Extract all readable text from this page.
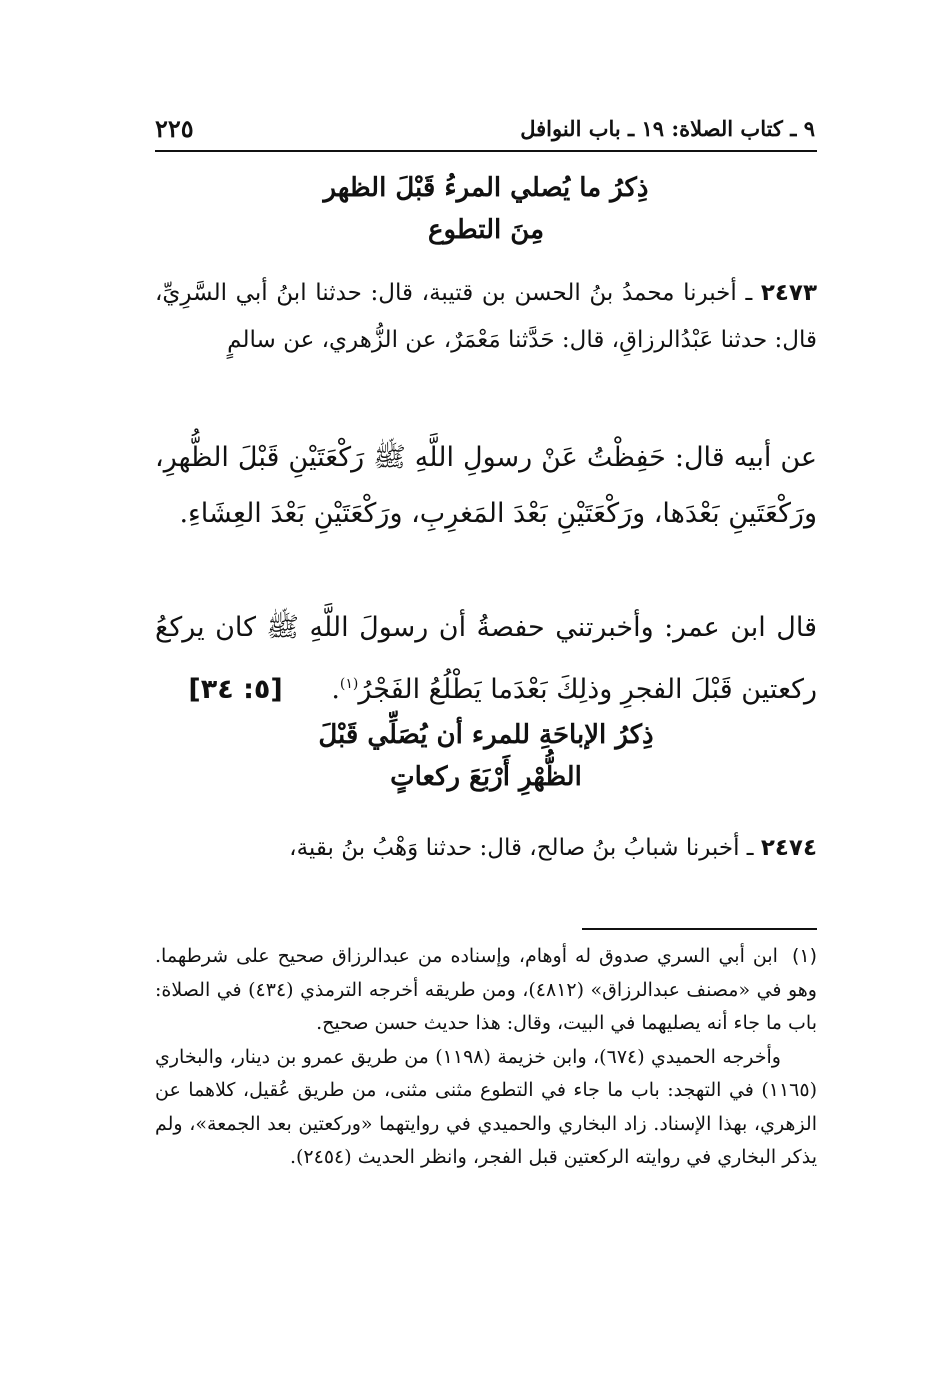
٩ ـ كتاب الصلاة: ١٩ ـ باب النوافل
٢٢٥
ذِكرُ ما يُصلي المرءُ قَبْلَ الظهر
مِنَ التطوع
٢٤٧٣ ـ أخبرنا محمدُ بنُ الحسن بن قتيبة، قال: حدثنا ابنُ أبي السَّرِيِّ، قال: حدثنا عَبْدُالرزاقِ، قال: حَدَّثنا مَعْمَرٌ، عن الزُّهري، عن سالمٍ
عن أبيه قال: حَفِظْتُ عَنْ رسولِ اللَّهِ ﷺ رَكْعَتَيْنِ قَبْلَ الظُّهرِ، ورَكْعَتَينِ بَعْدَها، ورَكْعَتَيْنِ بَعْدَ المَغرِبِ، ورَكْعَتَيْنِ بَعْدَ العِشَاءِ.
قال ابن عمر: وأخبرتني حفصةُ أن رسولَ اللَّهِ ﷺ كان يركعُ ركعتين قَبْلَ الفجرِ وذلِكَ بَعْدَما يَطْلُعُ الفَجْرُ$^{(١)}$. [٥: ٣٤]
ذِكرُ الإباحَةِ للمرء أن يُصَلِّي قَبْلَ
الظُّهْرِ أَرْبَعَ ركعاتٍ
٢٤٧٤ ـ أخبرنا شبابُ بنُ صالح، قال: حدثنا وَهْبُ بنُ بقية،
(١) ابن أبي السري صدوق له أوهام، وإسناده من عبدالرزاق صحيح على شرطهما. وهو في «مصنف عبدالرزاق» (٤٨١٢)، ومن طريقه أخرجه الترمذي (٤٣٤) في الصلاة: باب ما جاء أنه يصليهما في البيت، وقال: هذا حديث حسن صحيح.
وأخرجه الحميدي (٦٧٤)، وابن خزيمة (١١٩٨) من طريق عمرو بن دينار، والبخاري (١١٦٥) في التهجد: باب ما جاء في التطوع مثنى مثنى، من طريق عُقيل، كلاهما عن الزهري، بهذا الإسناد. زاد البخاري والحميدي في روايتهما «وركعتين بعد الجمعة»، ولم يذكر البخاري في روايته الركعتين قبل الفجر، وانظر الحديث (٢٤٥٤).
